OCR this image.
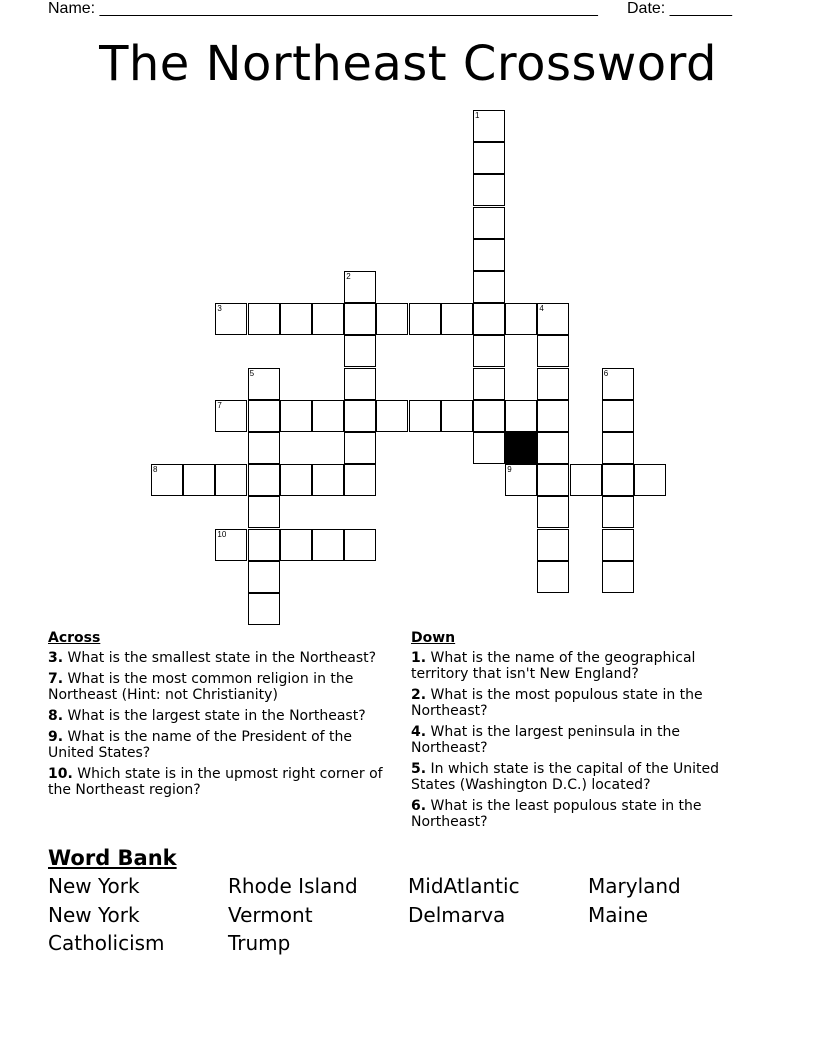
Name: ________________________________________________________ Date: _______
The Northeast Crossword
1
2
3	4
5	6
7
8	9
10
Across
3. What is the smallest state in the Northeast?
7. What is the most common religion in the Northeast (Hint: not Christianity)
8. What is the largest state in the Northeast?
9. What is the name of the President of the United States?
10. Which state is in the upmost right corner of the Northeast region?
Down
1. What is the name of the geographical territory that isn't New England?
2. What is the most populous state in the Northeast?
4. What is the largest peninsula in the Northeast?
5. In which state is the capital of the United States (Washington D.C.) located?
6. What is the least populous state in the Northeast?
Word Bank
New York	Rhode Island	MidAtlantic	Maryland
New York	Vermont	Delmarva	Maine
Catholicism	Trump
